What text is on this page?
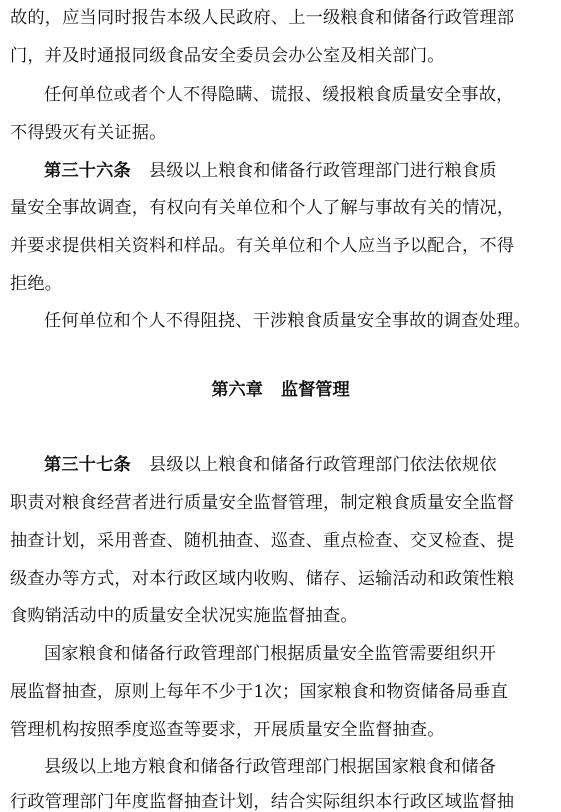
故的，应当同时报告本级人民政府、上一级粮食和储备行政管理部
门，并及时通报同级食品安全委员会办公室及相关部门。
任何单位或者个人不得隐瞒、谎报、缓报粮食质量安全事故，
不得毁灭有关证据。
第三十六条 县级以上粮食和储备行政管理部门进行粮食质
量安全事故调查，有权向有关单位和个人了解与事故有关的情况，
并要求提供相关资料和样品。有关单位和个人应当予以配合，不得
拒绝。
任何单位和个人不得阻挠、干涉粮食质量安全事故的调查处理。
第六章 监督管理
第三十七条 县级以上粮食和储备行政管理部门依法依规依
职责对粮食经营者进行质量安全监督管理，制定粮食质量安全监督
抽查计划，采用普查、随机抽查、巡查、重点检查、交叉检查、提
级查办等方式，对本行政区域内收购、储存、运输活动和政策性粮
食购销活动中的质量安全状况实施监督抽查。
国家粮食和储备行政管理部门根据质量安全监管需要组织开
展监督抽查，原则上每年不少于1次；国家粮食和物资储备局垂直
管理机构按照季度巡查等要求，开展质量安全监督抽查。
县级以上地方粮食和储备行政管理部门根据国家粮食和储备
行政管理部门年度监督抽查计划，结合实际组织本行政区域监督抽
